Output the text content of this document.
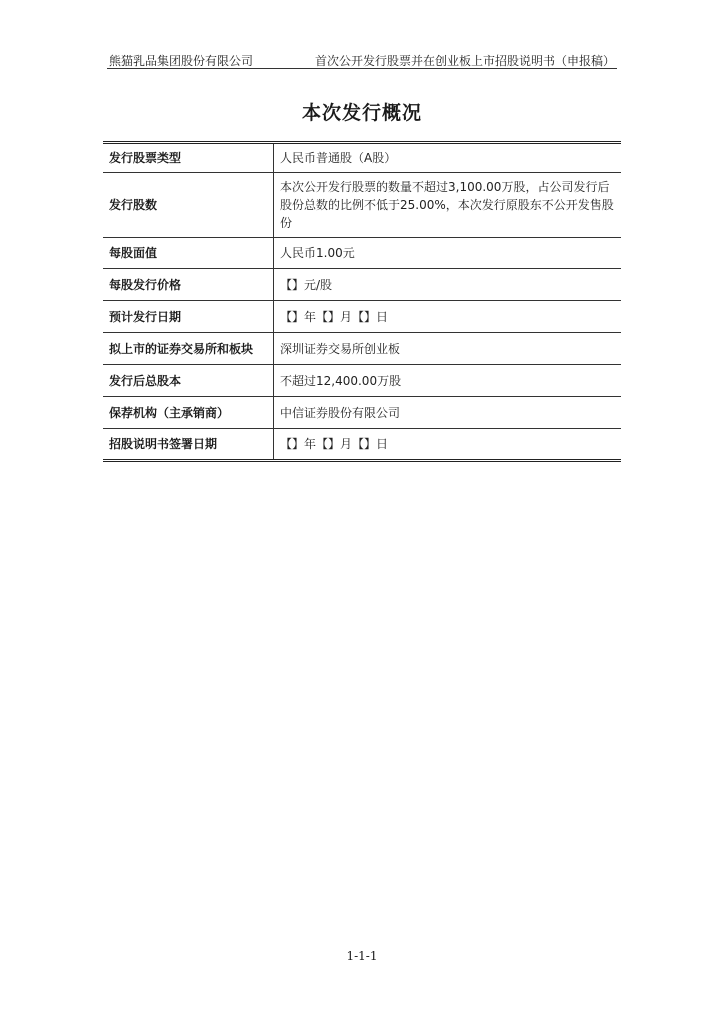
熊猫乳品集团股份有限公司	首次公开发行股票并在创业板上市招股说明书（申报稿）
本次发行概况
发行股票类型	人民币普通股（A股）
发行股数	本次公开发行股票的数量不超过3,100.00万股，占公司发行后股份总数的比例不低于25.00%，本次发行原股东不公开发售股份
每股面值	人民币1.00元
每股发行价格	【】元/股
预计发行日期	【】年【】月【】日
拟上市的证券交易所和板块	深圳证券交易所创业板
发行后总股本	不超过12,400.00万股
保荐机构（主承销商）	中信证券股份有限公司
招股说明书签署日期	【】年【】月【】日
1-1-1
